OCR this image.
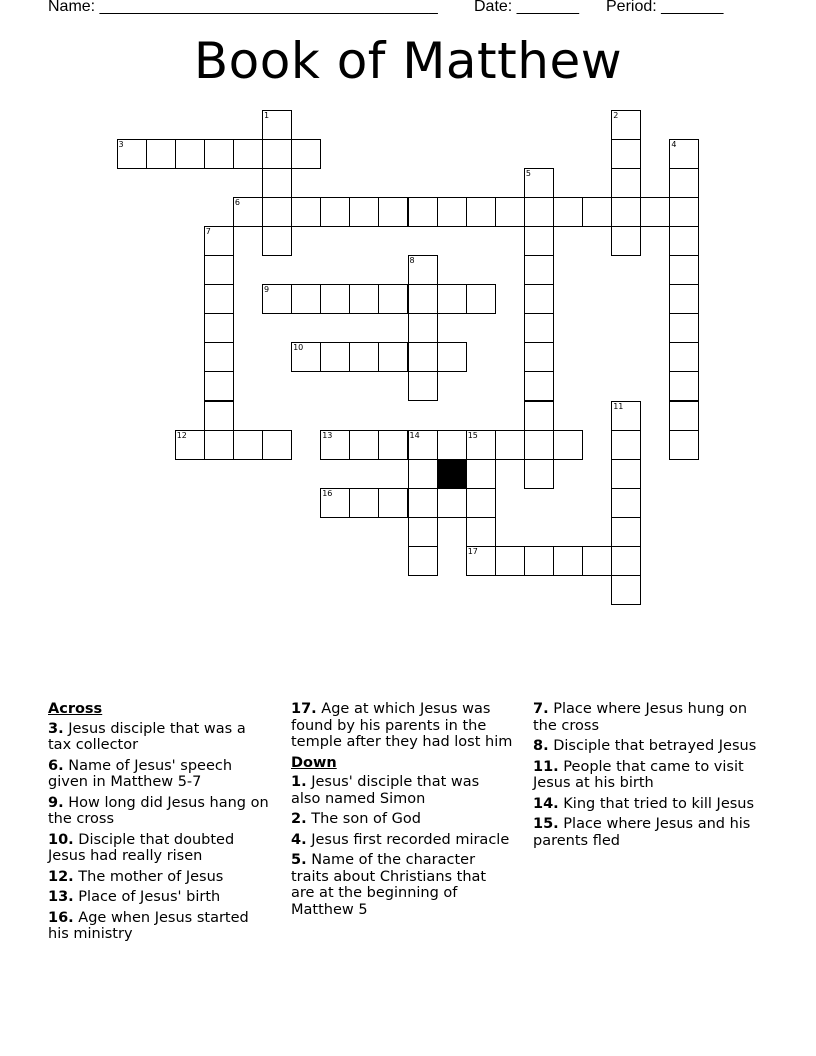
Name: ______________________________________ Date: _______ Period: _______
Book of Matthew
3
6
9
10
12	13	14	15
16
17
1	2
4
5
7
8
11
Across
3. Jesus disciple that was a tax collector
6. Name of Jesus' speech given in Matthew 5-7
9. How long did Jesus hang on the cross
10. Disciple that doubted Jesus had really risen
12. The mother of Jesus
13. Place of Jesus' birth
16. Age when Jesus started his ministry
17. Age at which Jesus was found by his parents in the temple after they had lost him
Down
1. Jesus' disciple that was also named Simon
2. The son of God
4. Jesus first recorded miracle
5. Name of the character traits about Christians that are at the beginning of Matthew 5
7. Place where Jesus hung on the cross
8. Disciple that betrayed Jesus
11. People that came to visit Jesus at his birth
14. King that tried to kill Jesus
15. Place where Jesus and his parents fled
